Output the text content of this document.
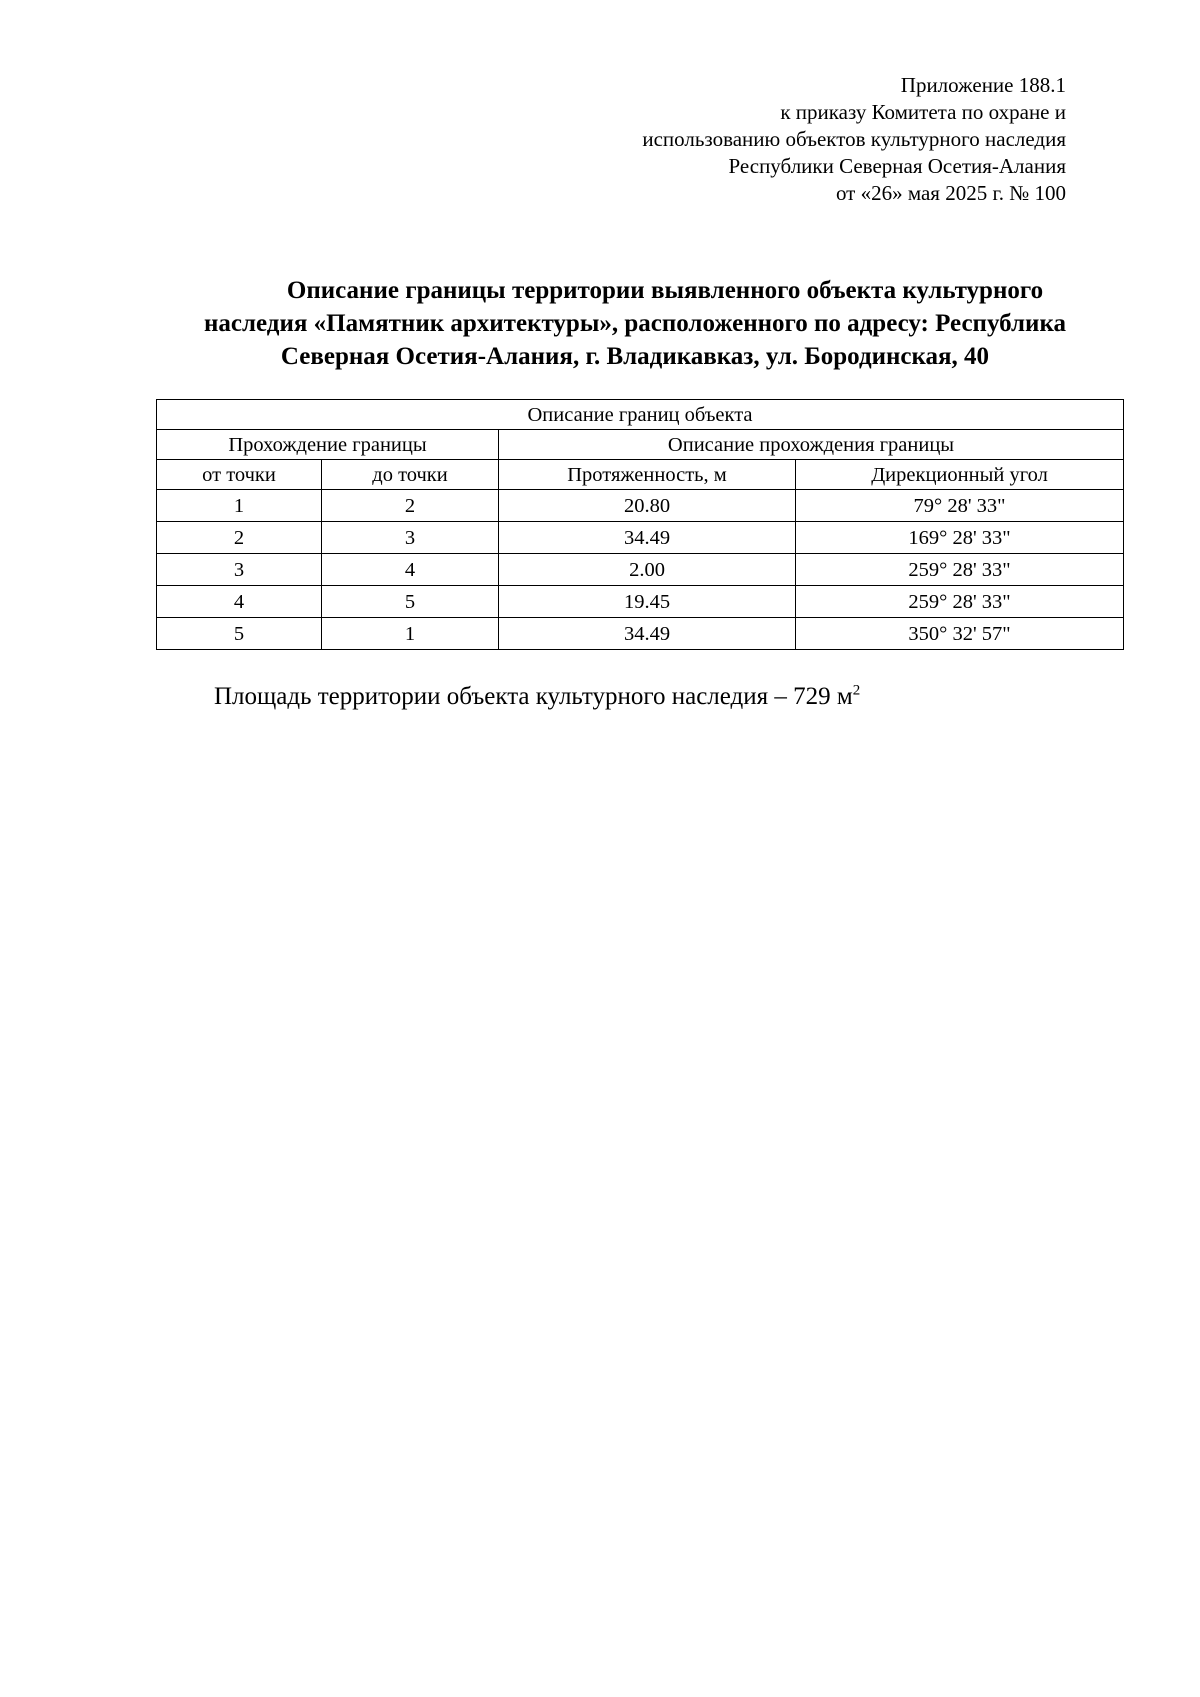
Приложение 188.1
к приказу Комитета по охране и
использованию объектов культурного наследия
Республики Северная Осетия-Алания
от «26» мая 2025 г. № 100
Описание границы территории выявленного объекта культурного
наследия «Памятник архитектуры», расположенного по адресу: Республика
Северная Осетия-Алания, г. Владикавказ, ул. Бородинская, 40
Описание границ объекта			
Прохождение границы		Описание прохождения границы	
от точки	до точки	Протяженность, м	Дирекционный угол
1	2	20.80	79° 28' 33"
2	3	34.49	169° 28' 33"
3	4	2.00	259° 28' 33"
4	5	19.45	259° 28' 33"
5	1	34.49	350° 32' 57"
Площадь территории объекта культурного наследия – 729 $м^2$
